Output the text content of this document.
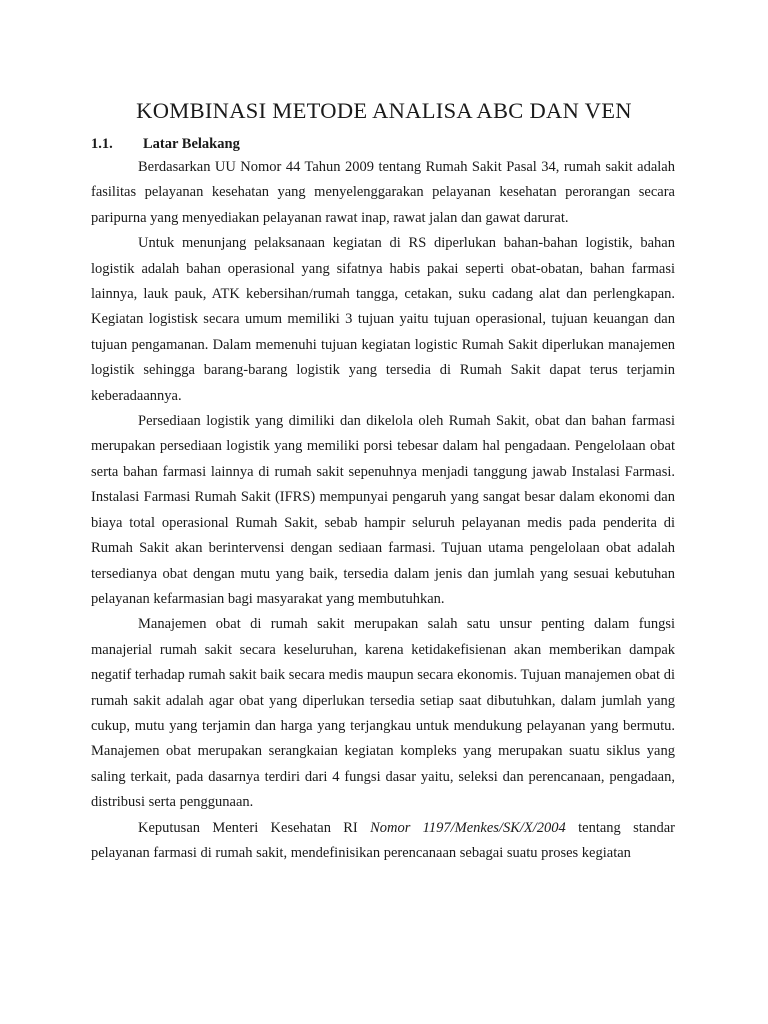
KOMBINASI METODE ANALISA ABC DAN VEN
1.1. Latar Belakang

Berdasarkan UU Nomor 44 Tahun 2009 tentang Rumah Sakit Pasal 34, rumah sakit adalah fasilitas pelayanan kesehatan yang menyelenggarakan pelayanan kesehatan perorangan secara paripurna yang menyediakan pelayanan rawat inap, rawat jalan dan gawat darurat.

Untuk menunjang pelaksanaan kegiatan di RS diperlukan bahan-bahan logistik, bahan logistik adalah bahan operasional yang sifatnya habis pakai seperti obat-obatan, bahan farmasi lainnya, lauk pauk, ATK kebersihan/rumah tangga, cetakan, suku cadang alat dan perlengkapan. Kegiatan logistisk secara umum memiliki 3 tujuan yaitu tujuan operasional, tujuan keuangan dan tujuan pengamanan. Dalam memenuhi tujuan kegiatan logistic Rumah Sakit diperlukan manajemen logistik sehingga barang-barang logistik yang tersedia di Rumah Sakit dapat terus terjamin keberadaannya.

Persediaan logistik yang dimiliki dan dikelola oleh Rumah Sakit, obat dan bahan farmasi merupakan persediaan logistik yang memiliki porsi tebesar dalam hal pengadaan. Pengelolaan obat serta bahan farmasi lainnya di rumah sakit sepenuhnya menjadi tanggung jawab Instalasi Farmasi. Instalasi Farmasi Rumah Sakit (IFRS) mempunyai pengaruh yang sangat besar dalam ekonomi dan biaya total operasional Rumah Sakit, sebab hampir seluruh pelayanan medis pada penderita di Rumah Sakit akan berintervensi dengan sediaan farmasi. Tujuan utama pengelolaan obat adalah tersedianya obat dengan mutu yang baik, tersedia dalam jenis dan jumlah yang sesuai kebutuhan pelayanan kefarmasian bagi masyarakat yang membutuhkan.

Manajemen obat di rumah sakit merupakan salah satu unsur penting dalam fungsi manajerial rumah sakit secara keseluruhan, karena ketidakefisienan akan memberikan dampak negatif terhadap rumah sakit baik secara medis maupun secara ekonomis. Tujuan manajemen obat di rumah sakit adalah agar obat yang diperlukan tersedia setiap saat dibutuhkan, dalam jumlah yang cukup, mutu yang terjamin dan harga yang terjangkau untuk mendukung pelayanan yang bermutu. Manajemen obat merupakan serangkaian kegiatan kompleks yang merupakan suatu siklus yang saling terkait, pada dasarnya terdiri dari 4 fungsi dasar yaitu, seleksi dan perencanaan, pengadaan, distribusi serta penggunaan.

Keputusan Menteri Kesehatan RI Nomor 1197/Menkes/SK/X/2004 tentang standar pelayanan farmasi di rumah sakit, mendefinisikan perencanaan sebagai suatu proses kegiatan
